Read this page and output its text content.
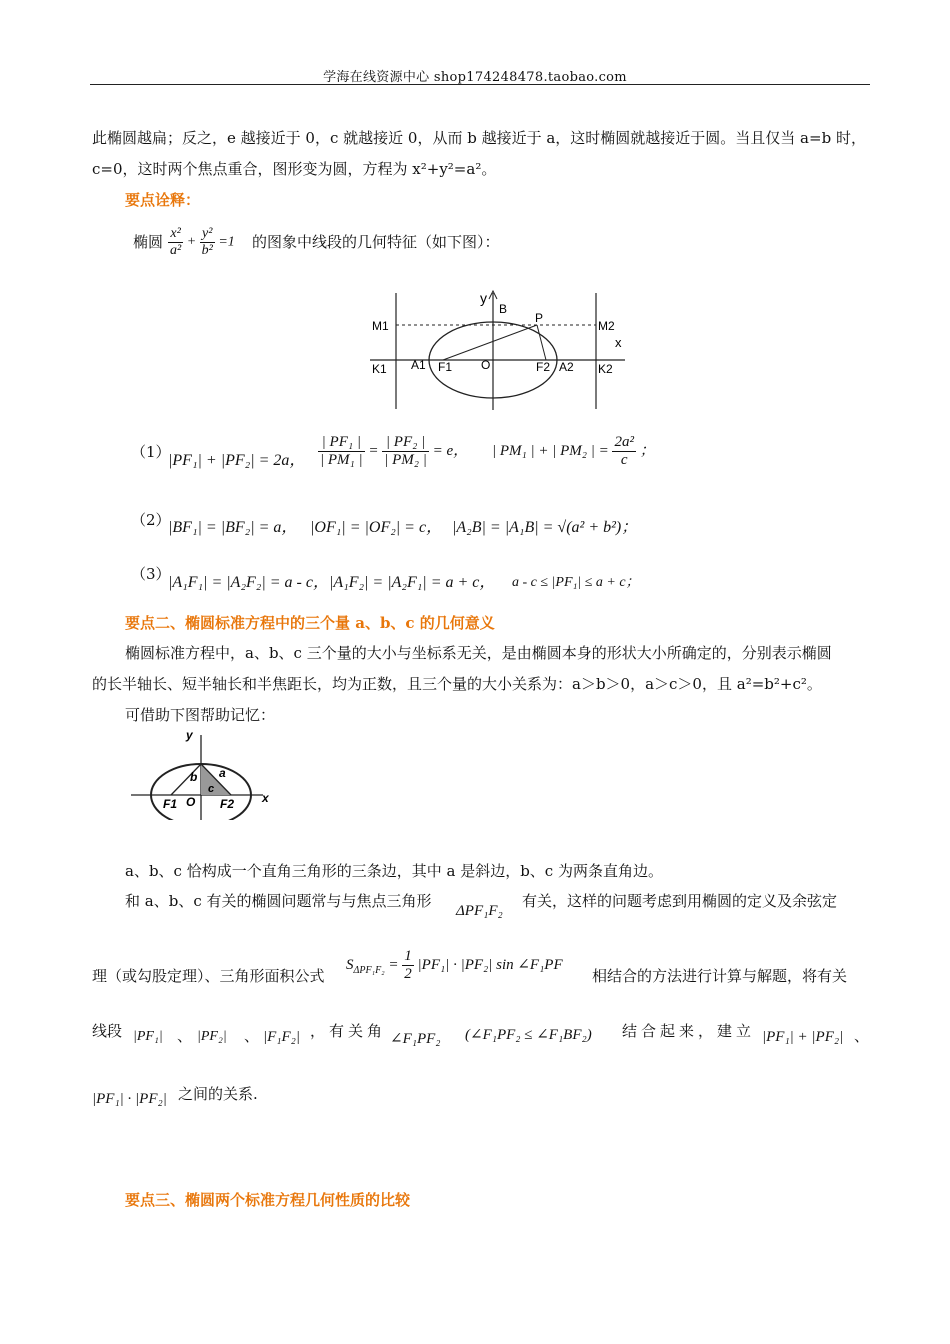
学海在线资源中心 shop174248478.taobao.com
此椭圆越扁；反之，e 越接近于 0，c 就越接近 0，从而 b 越接近于 a，这时椭圆就越接近于圆。当且仅当 a=b 时，
c=0，这时两个焦点重合，图形变为圆，方程为 x²+y²=a²。
要点诠释：
椭圆 $\frac{\text{x²}}{\text{a²}} + \frac{\text{y²}}{\text{b²}} =1$ 的图象中线段的几何特征（如下图）：
y
B
P
x
M1	M2
K1	K2
A1 F1 O	F2 A2
（1）
|PF₁| + |PF₂| = 2a， $\frac{\text{| PF₁ |}}{\text{| PM₁ |}} = \frac{\text{| PF₂ |}}{\text{| PM₂ |}} = e$， | PM₁ | + | PM₂ | = $\frac{\text{2a²}}{c}$ ；
（2）
|BF₁| = |BF₂| = a， |OF₁| = |OF₂| = c， |A₂B| = |A₁B| = √(a² + b²)；
（3）
|A₁F₁| = |A₂F₂| = a - c，|A₁F₂| = |A₂F₁| = a + c， a - c ≤ |PF₁| ≤ a + c；
要点二、椭圆标准方程中的三个量 a、b、c 的几何意义
椭圆标准方程中，a、b、c 三个量的大小与坐标系无关，是由椭圆本身的形状大小所确定的，分别表示椭圆
的长半轴长、短半轴长和半焦距长，均为正数，且三个量的大小关系为：a＞b＞0，a＞c＞0，且 a²=b²+c²。
可借助下图帮助记忆：
y
x
b a
c
O
F1	F2
a、b、c 恰构成一个直角三角形的三条边，其中 a 是斜边，b、c 为两条直角边。
和 a、b、c 有关的椭圆问题常与与焦点三角形
ΔPF₁F₂
有关，这样的问题考虑到用椭圆的定义及余弦定
理（或勾股定理）、三角形面积公式
$S_{\Delta PF_1F_2} = \frac{1}{2} |PF_1| \cdot |PF_2|$ sin ∠F₁PF
相结合的方法进行计算与解题，将有关
线段 |PF₁| 、 |PF₂| 、 |F₁F₂| ，有关角 ∠F₁PF₂ (∠F₁PF₂ ≤ ∠F₁BF₂) 结合起来，建立 |PF₁| + |PF₂| 、
|PF₁| · |PF₂| 之间的关系.
要点三、椭圆两个标准方程几何性质的比较
